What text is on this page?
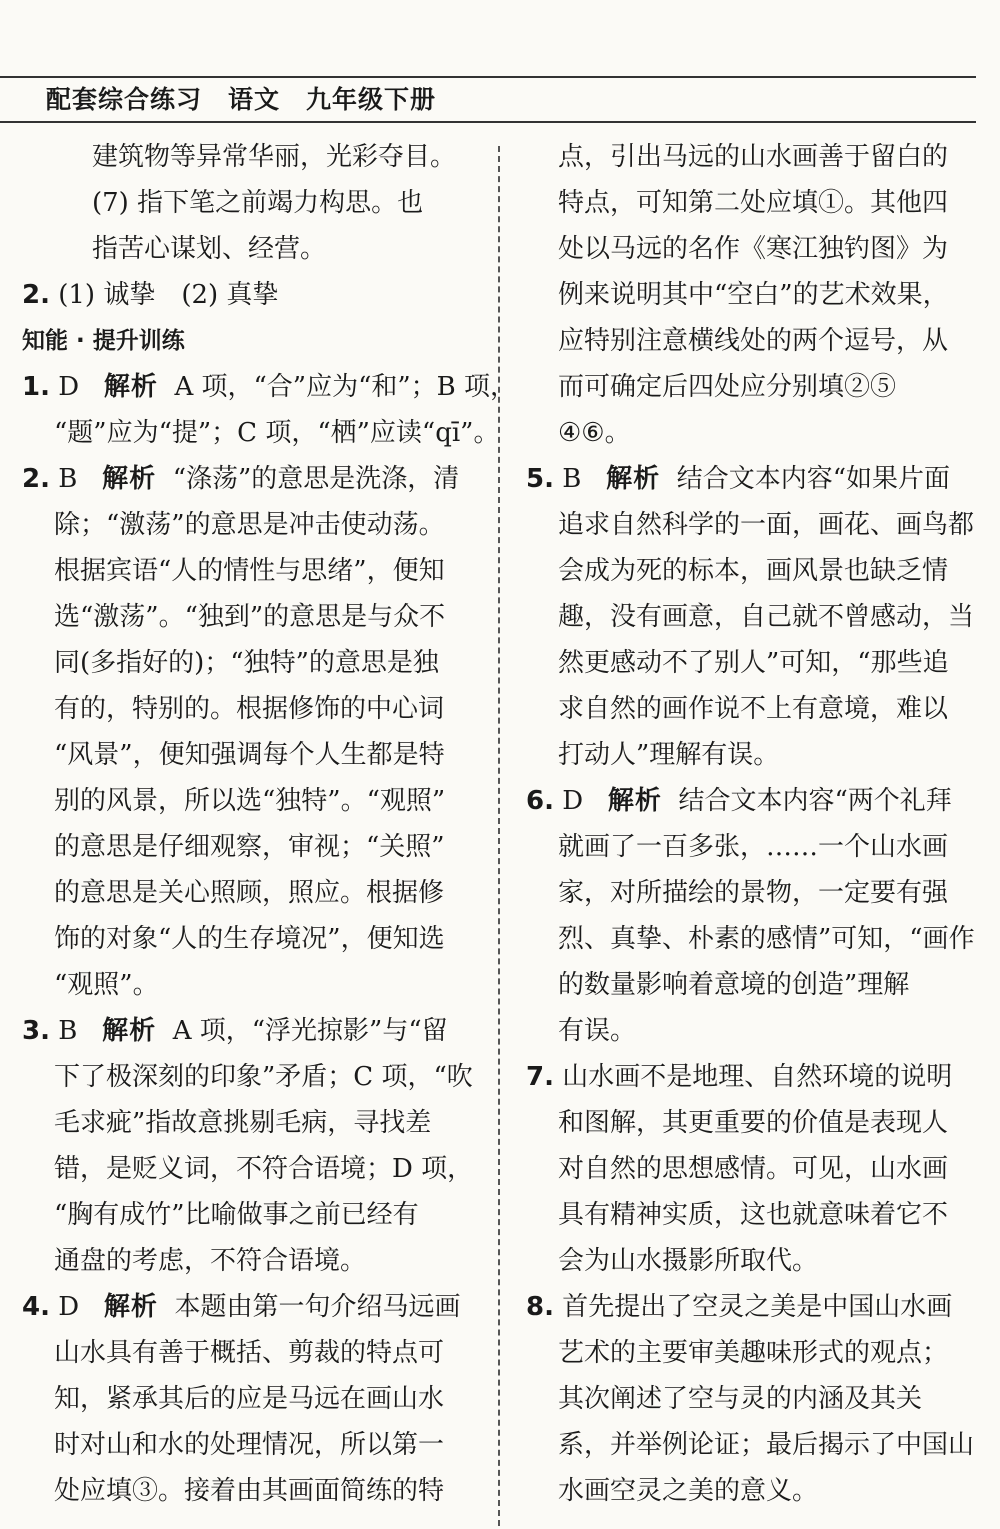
配套综合练习 语文 九年级下册
建筑物等异常华丽，光彩夺目。
(7) 指下笔之前竭力构思。也
指苦心谋划、经营。
2. (1) 诚挚　(2) 真挚
知能 · 提升训练
1. D 解析 A 项，“合”应为“和”；B 项，
“题”应为“提”；C 项，“栖”应读“qī”。
2. B 解析 “涤荡”的意思是洗涤，清
除；“激荡”的意思是冲击使动荡。
根据宾语“人的情性与思绪”，便知
选“激荡”。“独到”的意思是与众不
同(多指好的)；“独特”的意思是独
有的，特别的。根据修饰的中心词
“风景”，便知强调每个人生都是特
别的风景，所以选“独特”。“观照”
的意思是仔细观察，审视；“关照”
的意思是关心照顾，照应。根据修
饰的对象“人的生存境况”，便知选
“观照”。
3. B 解析 A 项，“浮光掠影”与“留
下了极深刻的印象”矛盾；C 项，“吹
毛求疵”指故意挑剔毛病，寻找差
错，是贬义词，不符合语境；D 项，
“胸有成竹”比喻做事之前已经有
通盘的考虑，不符合语境。
4. D 解析 本题由第一句介绍马远画
山水具有善于概括、剪裁的特点可
知，紧承其后的应是马远在画山水
时对山和水的处理情况，所以第一
处应填③。接着由其画面简练的特
点，引出马远的山水画善于留白的
特点，可知第二处应填①。其他四
处以马远的名作《寒江独钓图》为
例来说明其中“空白”的艺术效果，
应特别注意横线处的两个逗号，从
而可确定后四处应分别填②⑤
④⑥。
5. B 解析 结合文本内容“如果片面
追求自然科学的一面，画花、画鸟都
会成为死的标本，画风景也缺乏情
趣，没有画意，自己就不曾感动，当
然更感动不了别人”可知，“那些追
求自然的画作说不上有意境，难以
打动人”理解有误。
6. D 解析 结合文本内容“两个礼拜
就画了一百多张，……一个山水画
家，对所描绘的景物，一定要有强
烈、真挚、朴素的感情”可知，“画作
的数量影响着意境的创造”理解
有误。
7. 山水画不是地理、自然环境的说明
和图解，其更重要的价值是表现人
对自然的思想感情。可见，山水画
具有精神实质，这也就意味着它不
会为山水摄影所取代。
8. 首先提出了空灵之美是中国山水画
艺术的主要审美趣味形式的观点；
其次阐述了空与灵的内涵及其关
系，并举例论证；最后揭示了中国山
水画空灵之美的意义。
